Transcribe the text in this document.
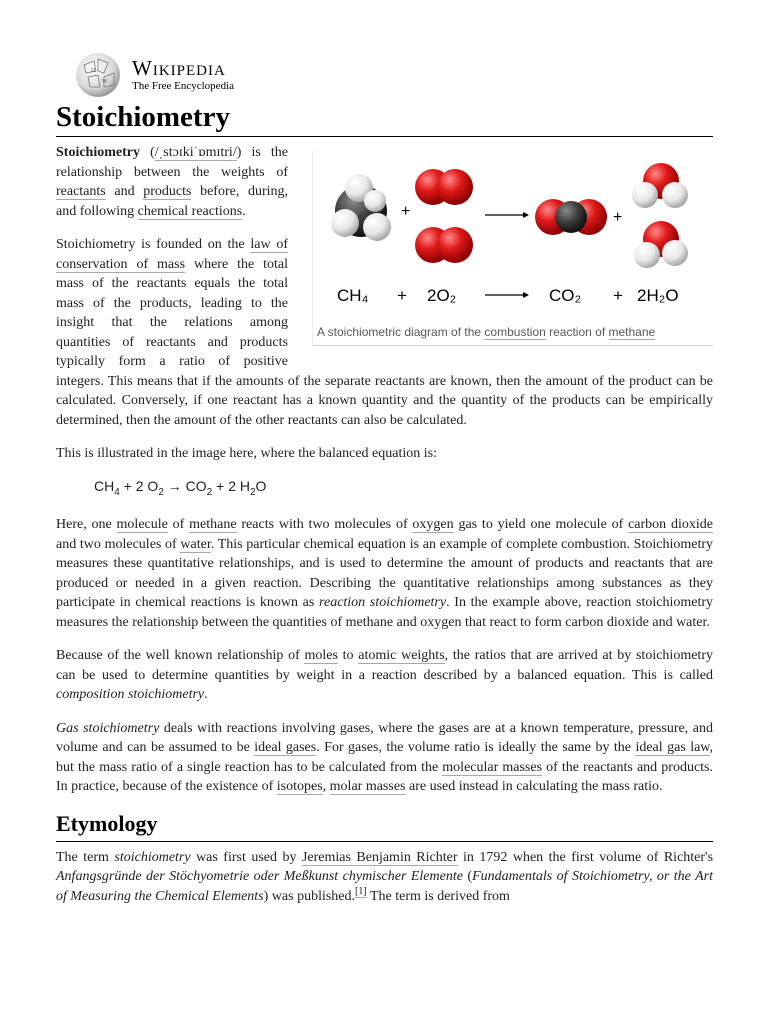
Ω
W
Wikipedia
The Free Encyclopedia
Stoichiometry
+	+
CH₄ + 2O₂	CO₂ + 2H₂O
A stoichiometric diagram of the combustion reaction of methane

Stoichiometry (/ˌstɔɪkiˈɒmɪtri/) is the relationship between the weights of reactants and products before, during, and following chemical reactions.

Stoichiometry is founded on the law of conservation of mass where the total mass of the reactants equals the total mass of the products, leading to the insight that the relations among quantities of reactants and products typically form a ratio of positive integers. This means that if the amounts of the separate reactants are known, then the amount of the product can be calculated. Conversely, if one reactant has a known quantity and the quantity of the products can be empirically determined, then the amount of the other reactants can also be calculated.

This is illustrated in the image here, where the balanced equation is:

$CH_4 + 2$ $O_2 \to CO_2 + 2$ $H_2O$

Here, one molecule of methane reacts with two molecules of oxygen gas to yield one molecule of carbon dioxide and two molecules of water. This particular chemical equation is an example of complete combustion. Stoichiometry measures these quantitative relationships, and is used to determine the amount of products and reactants that are produced or needed in a given reaction. Describing the quantitative relationships among substances as they participate in chemical reactions is known as reaction stoichiometry. In the example above, reaction stoichiometry measures the relationship between the quantities of methane and oxygen that react to form carbon dioxide and water.

Because of the well known relationship of moles to atomic weights, the ratios that are arrived at by stoichiometry can be used to determine quantities by weight in a reaction described by a balanced equation. This is called composition stoichiometry.

Gas stoichiometry deals with reactions involving gases, where the gases are at a known temperature, pressure, and volume and can be assumed to be ideal gases. For gases, the volume ratio is ideally the same by the ideal gas law, but the mass ratio of a single reaction has to be calculated from the molecular masses of the reactants and products. In practice, because of the existence of isotopes, molar masses are used instead in calculating the mass ratio.

Etymology

The term stoichiometry was first used by Jeremias Benjamin Richter in 1792 when the first volume of Richter's Anfangsgründe der Stöchyometrie oder Meßkunst chymischer Elemente (Fundamentals of Stoichiometry, or the Art of Measuring the Chemical Elements) was published.[1] The term is derived from
